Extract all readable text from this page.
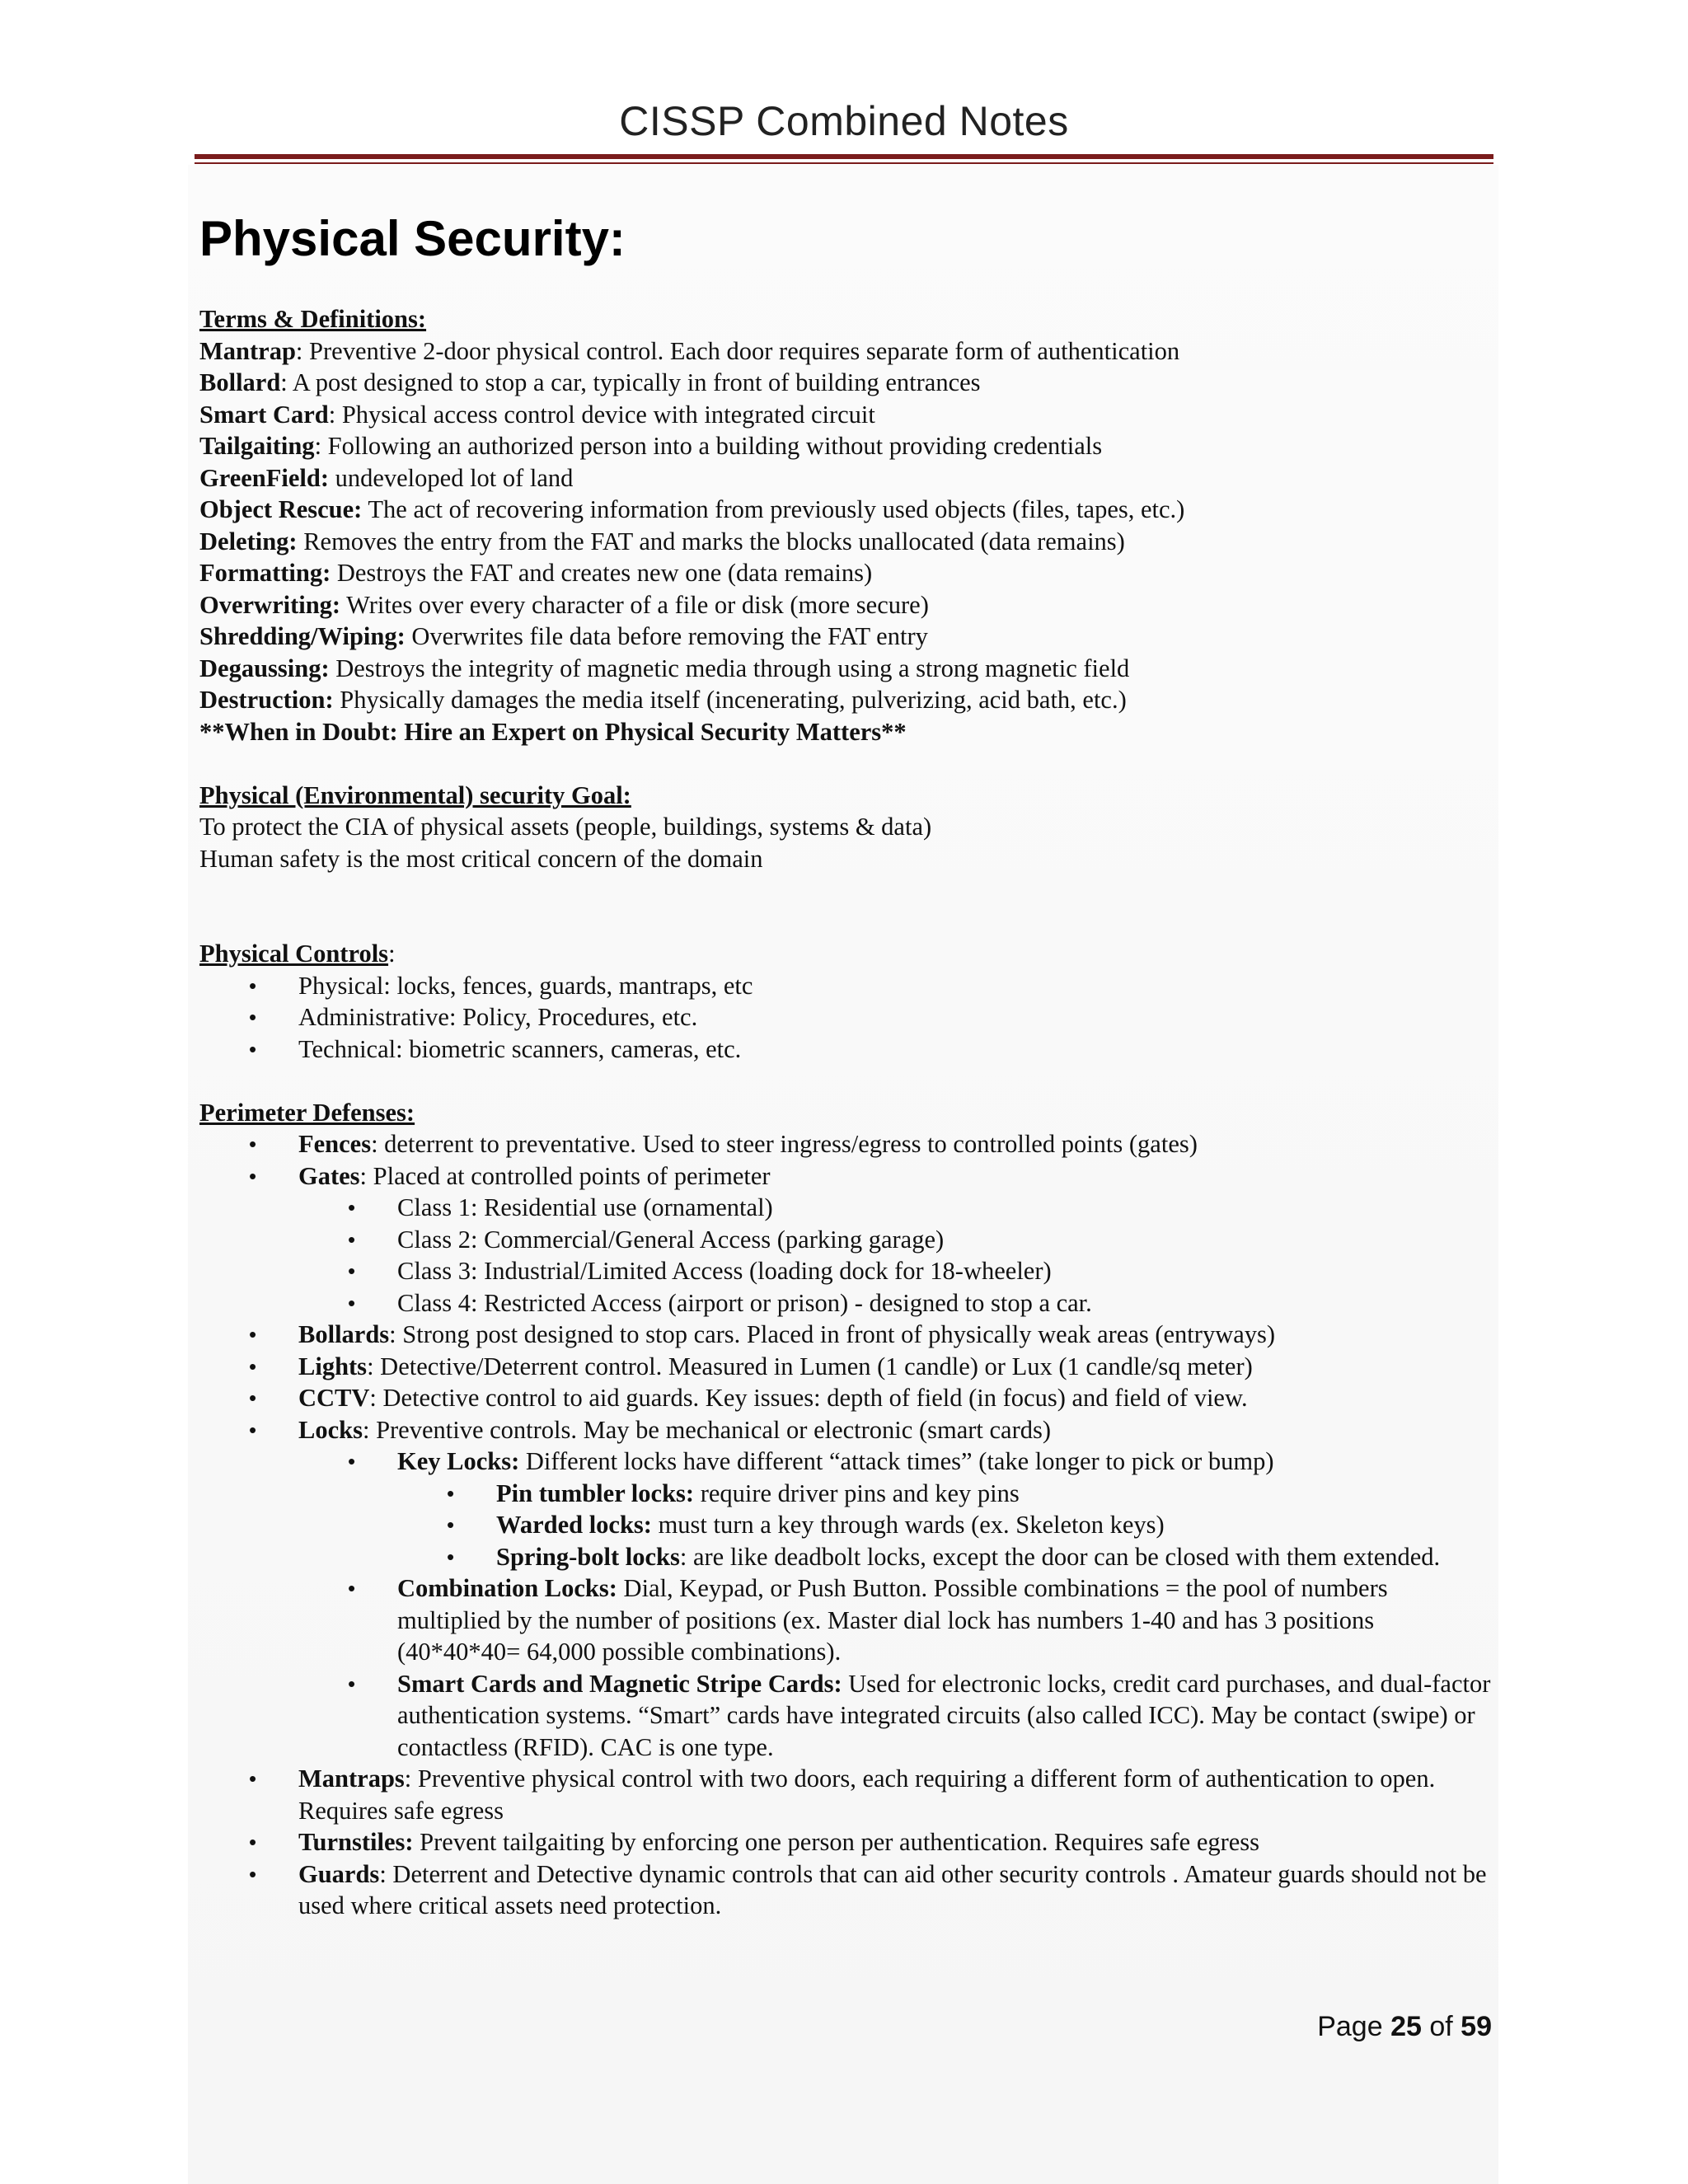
CISSP Combined Notes
Physical Security:

Terms & Definitions:

Mantrap: Preventive 2-door physical control. Each door requires separate form of authentication

Bollard: A post designed to stop a car, typically in front of building entrances

Smart Card: Physical access control device with integrated circuit

Tailgaiting: Following an authorized person into a building without providing credentials

GreenField: undeveloped lot of land

Object Rescue: The act of recovering information from previously used objects (files, tapes, etc.)

Deleting: Removes the entry from the FAT and marks the blocks unallocated (data remains)

Formatting: Destroys the FAT and creates new one (data remains)

Overwriting: Writes over every character of a file or disk (more secure)

Shredding/Wiping: Overwrites file data before removing the FAT entry

Degaussing: Destroys the integrity of magnetic media through using a strong magnetic field

Destruction: Physically damages the media itself (incenerating, pulverizing, acid bath, etc.)

**When in Doubt: Hire an Expert on Physical Security Matters**

Physical (Environmental) security Goal:

To protect the CIA of physical assets (people, buildings, systems & data)

Human safety is the most critical concern of the domain

Physical Controls:

• Physical: locks, fences, guards, mantraps, etc
• Administrative: Policy, Procedures, etc.
• Technical: biometric scanners, cameras, etc.

Perimeter Defenses:

• Fences: deterrent to preventative. Used to steer ingress/egress to controlled points (gates)
• Gates: Placed at controlled points of perimeter
• Class 1: Residential use (ornamental)
• Class 2: Commercial/General Access (parking garage)
• Class 3: Industrial/Limited Access (loading dock for 18-wheeler)
• Class 4: Restricted Access (airport or prison) - designed to stop a car.
• Bollards: Strong post designed to stop cars. Placed in front of physically weak areas (entryways)
• Lights: Detective/Deterrent control. Measured in Lumen (1 candle) or Lux (1 candle/sq meter)
• CCTV: Detective control to aid guards. Key issues: depth of field (in focus) and field of view.
• Locks: Preventive controls. May be mechanical or electronic (smart cards)
• Key Locks: Different locks have different “attack times” (take longer to pick or bump)
• Pin tumbler locks: require driver pins and key pins
• Warded locks: must turn a key through wards (ex. Skeleton keys)
• Spring-bolt locks: are like deadbolt locks, except the door can be closed with them extended.
• Combination Locks: Dial, Keypad, or Push Button. Possible combinations = the pool of numbers multiplied by the number of positions (ex. Master dial lock has numbers 1-40 and has 3 positions (40*40*40= 64,000 possible combinations).
• Smart Cards and Magnetic Stripe Cards: Used for electronic locks, credit card purchases, and dual-factor authentication systems. “Smart” cards have integrated circuits (also called ICC). May be contact (swipe) or contactless (RFID). CAC is one type.
• Mantraps: Preventive physical control with two doors, each requiring a different form of authentication to open. Requires safe egress
• Turnstiles: Prevent tailgaiting by enforcing one person per authentication. Requires safe egress
• Guards: Deterrent and Detective dynamic controls that can aid other security controls . Amateur guards should not be used where critical assets need protection.
Page 25 of 59
